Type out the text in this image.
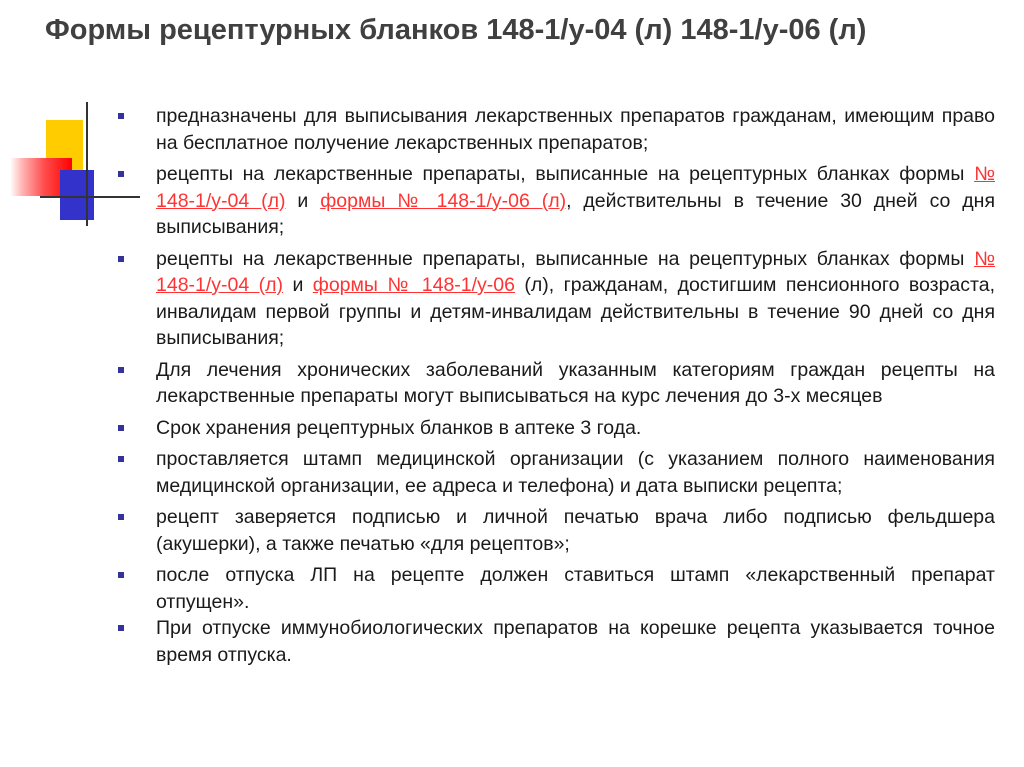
Формы рецептурных бланков 148-1/у-04 (л) 148-1/у-06 (л)
предназначены для выписывания лекарственных препаратов гражданам, имеющим право на бесплатное получение лекарственных препаратов;
рецепты на лекарственные препараты, выписанные на рецептурных бланках формы № 148-1/у-04 (л) и формы № 148-1/у-06 (л), действительны в течение 30 дней со дня выписывания;
рецепты на лекарственные препараты, выписанные на рецептурных бланках формы № 148-1/у-04 (л) и формы № 148-1/у-06 (л), гражданам, достигшим пенсионного возраста, инвалидам первой группы и детям-инвалидам действительны в течение 90 дней со дня выписывания;
Для лечения хронических заболеваний указанным категориям граждан рецепты на лекарственные препараты могут выписываться на курс лечения до 3-х месяцев
Срок хранения рецептурных бланков в аптеке 3 года.
проставляется штамп медицинской организации (с указанием полного наименования медицинской организации, ее адреса и телефона) и дата выписки рецепта;
рецепт заверяется подписью и личной печатью врача либо подписью фельдшера (акушерки), а также печатью «для рецептов»;
после отпуска ЛП на рецепте должен ставиться штамп «лекарственный препарат отпущен».
При отпуске иммунобиологических препаратов на корешке рецепта указывается точное время отпуска.
